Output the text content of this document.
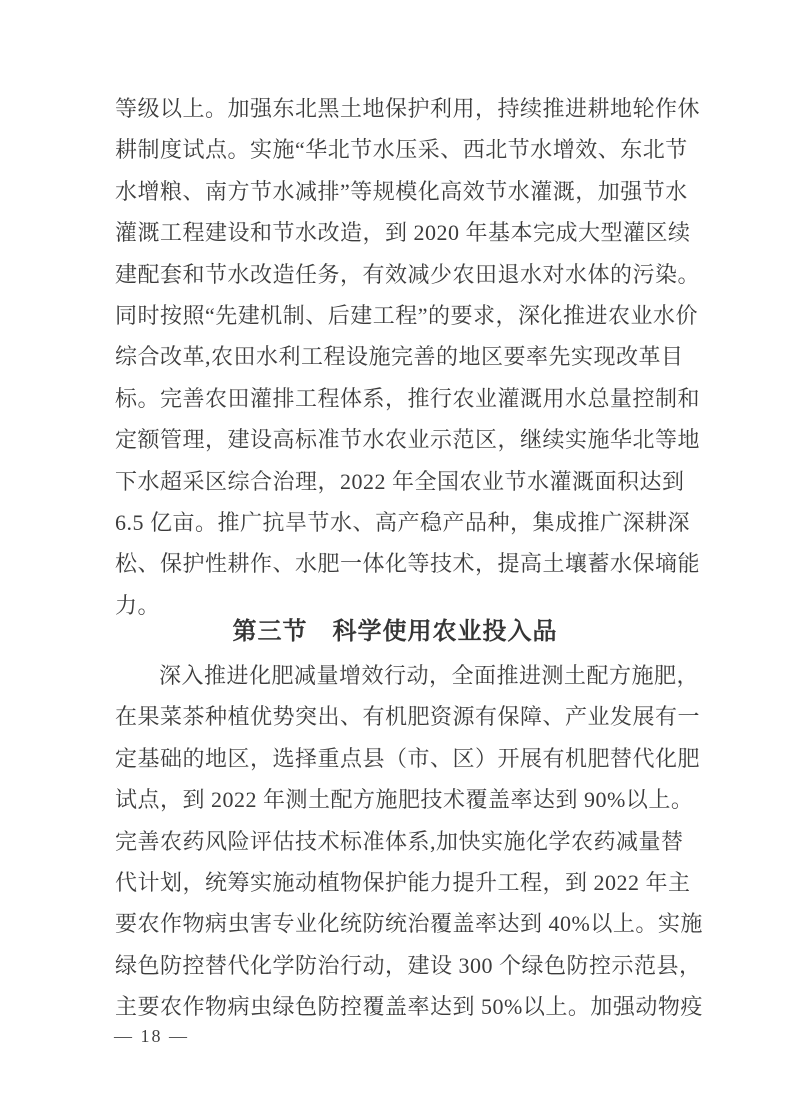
等级以上。加强东北黑土地保护利用，持续推进耕地轮作休
耕制度试点。实施“华北节水压采、西北节水增效、东北节
水增粮、南方节水减排”等规模化高效节水灌溉，加强节水
灌溉工程建设和节水改造，到 2020 年基本完成大型灌区续
建配套和节水改造任务，有效减少农田退水对水体的污染。
同时按照“先建机制、后建工程”的要求，深化推进农业水价
综合改革,农田水利工程设施完善的地区要率先实现改革目
标。完善农田灌排工程体系，推行农业灌溉用水总量控制和
定额管理，建设高标准节水农业示范区，继续实施华北等地
下水超采区综合治理，2022 年全国农业节水灌溉面积达到
6.5 亿亩。推广抗旱节水、高产稳产品种，集成推广深耕深
松、保护性耕作、水肥一体化等技术，提高土壤蓄水保墒能
力。
第三节　科学使用农业投入品
深入推进化肥减量增效行动，全面推进测土配方施肥，
在果菜茶种植优势突出、有机肥资源有保障、产业发展有一
定基础的地区，选择重点县（市、区）开展有机肥替代化肥
试点，到 2022 年测土配方施肥技术覆盖率达到 90%以上。
完善农药风险评估技术标准体系,加快实施化学农药减量替
代计划，统筹实施动植物保护能力提升工程，到 2022 年主
要农作物病虫害专业化统防统治覆盖率达到 40%以上。实施
绿色防控替代化学防治行动，建设 300 个绿色防控示范县，
主要农作物病虫绿色防控覆盖率达到 50%以上。加强动物疫
— 18 —
